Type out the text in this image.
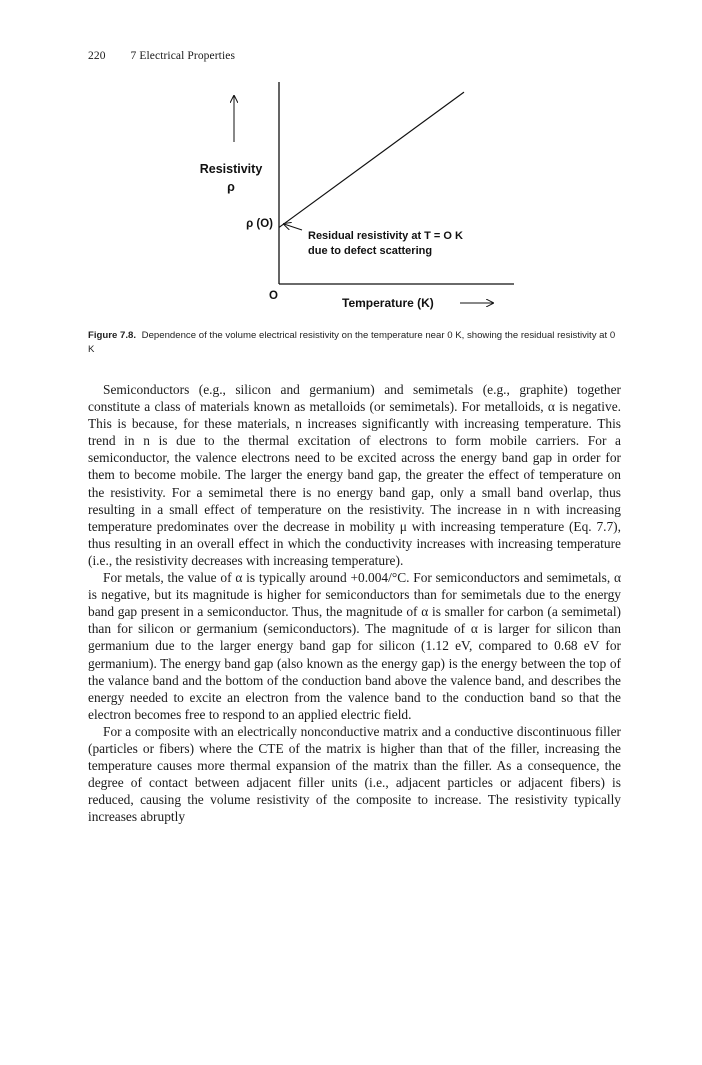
220 7 Electrical Properties
Resistivity
ρ
ρ (O)
Residual resistivity at T = O K
due to defect scattering
O	Temperature (K)
Figure 7.8. Dependence of the volume electrical resistivity on the temperature near 0 K, showing the residual resistivity at 0 K

Semiconductors (e.g., silicon and germanium) and semimetals (e.g., graphite) together constitute a class of materials known as metalloids (or semimetals). For metalloids, α is negative. This is because, for these materials, n increases significantly with increasing temperature. This trend in n is due to the thermal excitation of electrons to form mobile carriers. For a semiconductor, the valence electrons need to be excited across the energy band gap in order for them to become mobile. The larger the energy band gap, the greater the effect of temperature on the resistivity. For a semimetal there is no energy band gap, only a small band overlap, thus resulting in a small effect of temperature on the resistivity. The increase in n with increasing temperature predominates over the decrease in mobility μ with increasing temperature (Eq. 7.7), thus resulting in an overall effect in which the conductivity increases with increasing temperature (i.e., the resistivity decreases with increasing temperature).

For metals, the value of α is typically around +0.004/°C. For semiconductors and semimetals, α is negative, but its magnitude is higher for semiconductors than for semimetals due to the energy band gap present in a semiconductor. Thus, the magnitude of α is smaller for carbon (a semimetal) than for silicon or germanium (semiconductors). The magnitude of α is larger for silicon than germanium due to the larger energy band gap for silicon (1.12 eV, compared to 0.68 eV for germanium). The energy band gap (also known as the energy gap) is the energy between the top of the valance band and the bottom of the conduction band above the valence band, and describes the energy needed to excite an electron from the valence band to the conduction band so that the electron becomes free to respond to an applied electric field.

For a composite with an electrically nonconductive matrix and a conductive discontinuous filler (particles or fibers) where the CTE of the matrix is higher than that of the filler, increasing the temperature causes more thermal expansion of the matrix than the filler. As a consequence, the degree of contact between adjacent filler units (i.e., adjacent particles or adjacent fibers) is reduced, causing the volume resistivity of the composite to increase. The resistivity typically increases abruptly
